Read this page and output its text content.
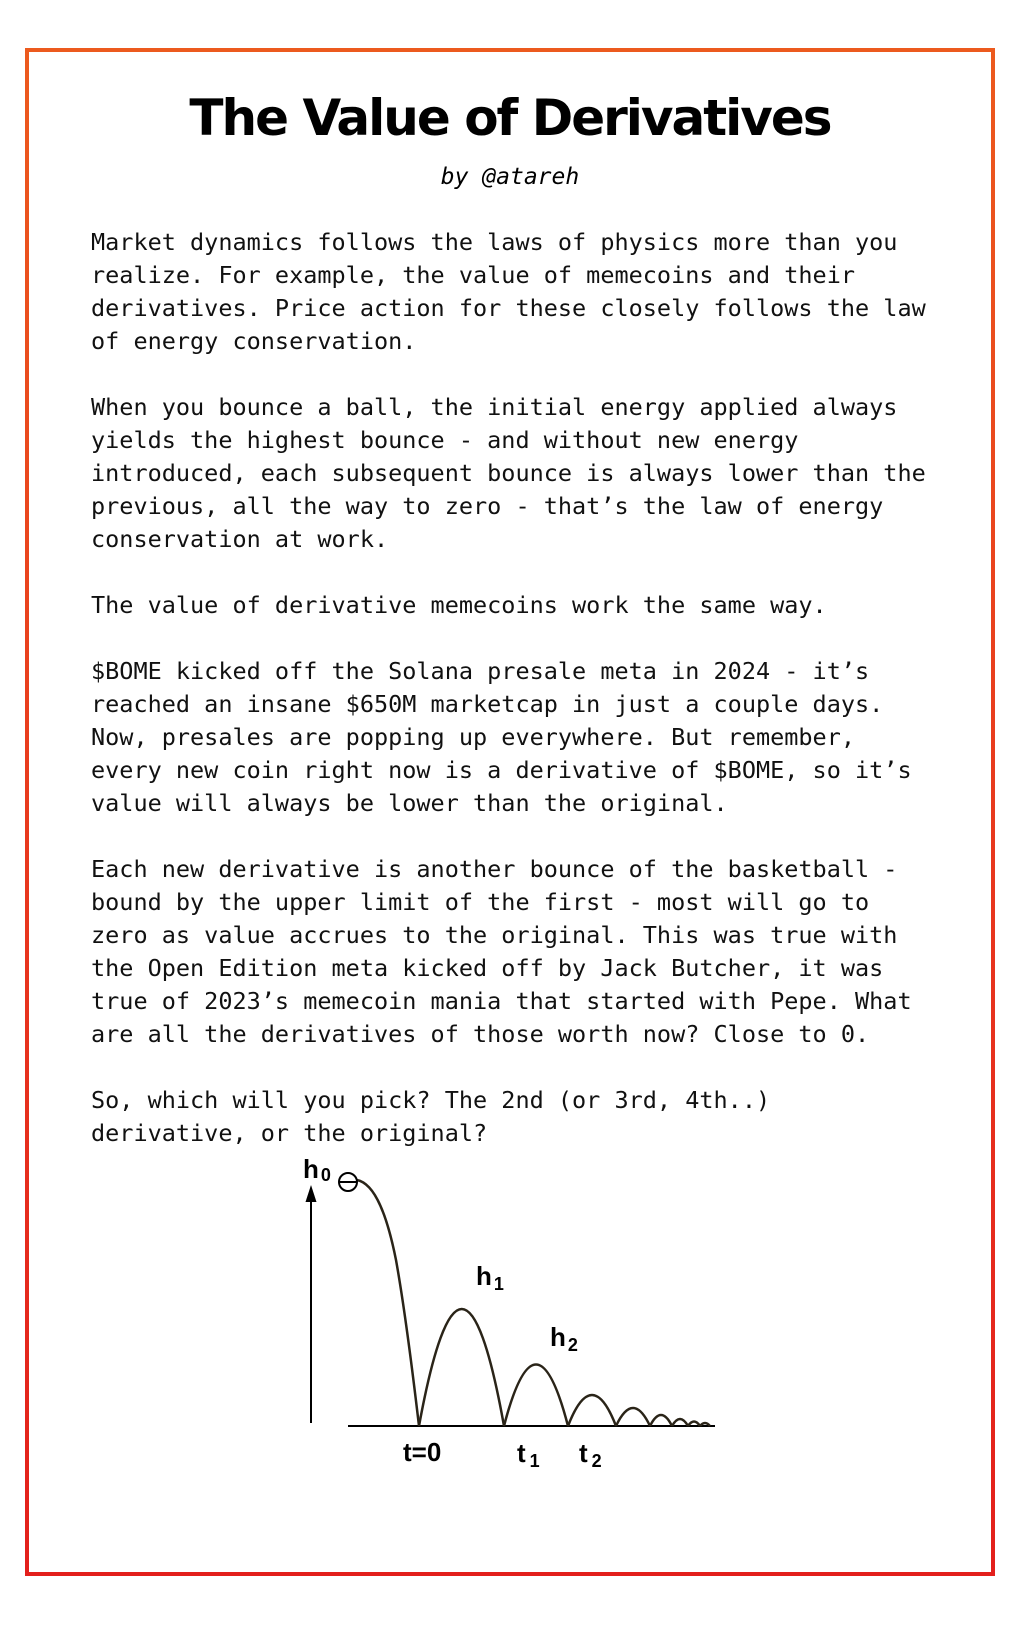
The Value of Derivatives
by @atareh

Market dynamics follows the laws of physics more than you
realize. For example, the value of memecoins and their
derivatives. Price action for these closely follows the law
of energy conservation.

When you bounce a ball, the initial energy applied always
yields the highest bounce - and without new energy
introduced, each subsequent bounce is always lower than the
previous, all the way to zero - that’s the law of energy
conservation at work.

The value of derivative memecoins work the same way.

$BOME kicked off the Solana presale meta in 2024 - it’s
reached an insane $650M marketcap in just a couple days.
Now, presales are popping up everywhere. But remember,
every new coin right now is a derivative of $BOME, so it’s
value will always be lower than the original.

Each new derivative is another bounce of the basketball -
bound by the upper limit of the first - most will go to
zero as value accrues to the original. This was true with
the Open Edition meta kicked off by Jack Butcher, it was
true of 2023’s memecoin mania that started with Pepe. What
are all the derivatives of those worth now? Close to 0.

So, which will you pick? The 2nd (or 3rd, 4th..)
derivative, or the original?

h 0
h 1
h 2
t=0	t 1 t 2
